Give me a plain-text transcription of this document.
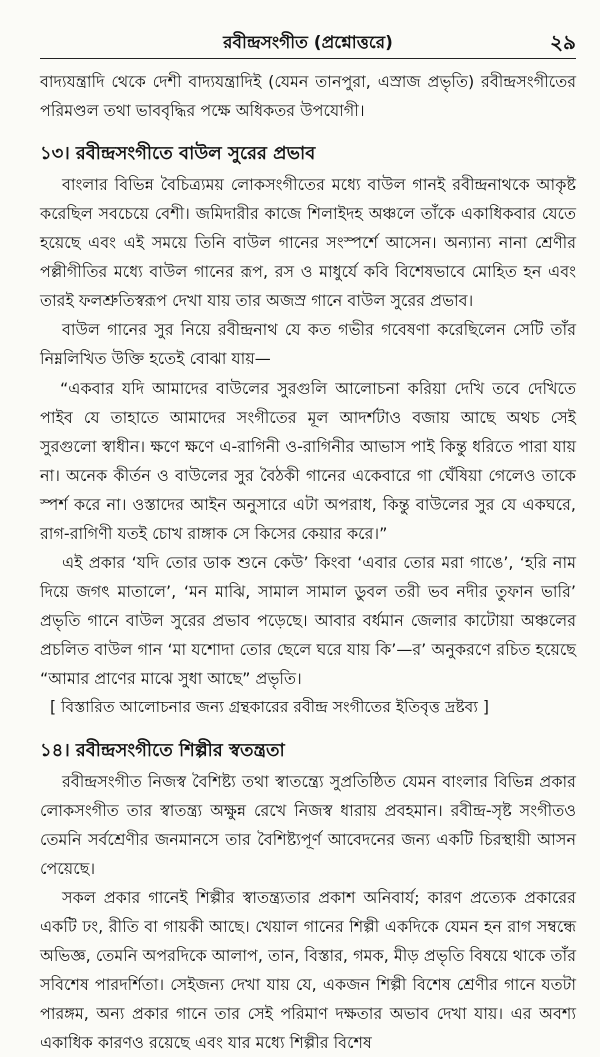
রবীন্দ্রসংগীত (প্রশ্নোত্তরে)	২৯

বাদ্যযন্ত্রাদি থেকে দেশী বাদ্যযন্ত্রাদিই (যেমন তানপুরা, এস্রাজ প্রভৃতি) রবীন্দ্রসংগীতের পরিমণ্ডল তথা ভাববৃদ্ধির পক্ষে অধিকতর উপযোগী।

১৩। রবীন্দ্রসংগীতে বাউল সুরের প্রভাব

বাংলার বিভিন্ন বৈচিত্র্যময় লোকসংগীতের মধ্যে বাউল গানই রবীন্দ্রনাথকে আকৃষ্ট করেছিল সবচেয়ে বেশী। জমিদারীর কাজে শিলাইদহ অঞ্চলে তাঁকে একাধিকবার যেতে হয়েছে এবং এই সময়ে তিনি বাউল গানের সংস্পর্শে আসেন। অন্যান্য নানা শ্রেণীর পল্লীগীতির মধ্যে বাউল গানের রূপ, রস ও মাধুর্যে কবি বিশেষভাবে মোহিত হন এবং তারই ফলশ্রুতিস্বরূপ দেখা যায় তার অজস্র গানে বাউল সুরের প্রভাব।

বাউল গানের সুর নিয়ে রবীন্দ্রনাথ যে কত গভীর গবেষণা করেছিলেন সেটি তাঁর নিম্নলিখিত উক্তি হতেই বোঝা যায়—

“একবার যদি আমাদের বাউলের সুরগুলি আলোচনা করিয়া দেখি তবে দেখিতে পাইব যে তাহাতে আমাদের সংগীতের মূল আদর্শটাও বজায় আছে অথচ সেই সুরগুলো স্বাধীন। ক্ষণে ক্ষণে এ-রাগিনী ও-রাগিনীর আভাস পাই কিন্তু ধরিতে পারা যায় না। অনেক কীর্তন ও বাউলের সুর বৈঠকী গানের একেবারে গা ঘেঁষিয়া গেলেও তাকে স্পর্শ করে না। ওস্তাদের আইন অনুসারে এটা অপরাধ, কিন্তু বাউলের সুর যে একঘরে, রাগ-রাগিণী যতই চোখ রাঙ্গাক সে কিসের কেয়ার করে।”

এই প্রকার ‘যদি তোর ডাক শুনে কেউ’ কিংবা ‘এবার তোর মরা গাঙে’, ‘হরি নাম দিয়ে জগৎ মাতালে’, ‘মন মাঝি, সামাল সামাল ডুবল তরী ভব নদীর তুফান ভারি’ প্রভৃতি গানে বাউল সুরের প্রভাব পড়েছে। আবার বর্ধমান জেলার কাটোয়া অঞ্চলের প্রচলিত বাউল গান ‘মা যশোদা তোর ছেলে ঘরে যায় কি’—র’ অনুকরণে রচিত হয়েছে “আমার প্রাণের মাঝে সুধা আছে” প্রভৃতি।

[ বিস্তারিত আলোচনার জন্য গ্রন্থকারের রবীন্দ্র সংগীতের ইতিবৃত্ত দ্রষ্টব্য ]

১৪। রবীন্দ্রসংগীতে শিল্পীর স্বতন্ত্রতা

রবীন্দ্রসংগীত নিজস্ব বৈশিষ্ট্য তথা স্বাতন্ত্র্যে সুপ্রতিষ্ঠিত যেমন বাংলার বিভিন্ন প্রকার লোকসংগীত তার স্বাতন্ত্র্য অক্ষুন্ন রেখে নিজস্ব ধারায় প্রবহমান। রবীন্দ্র-সৃষ্ট সংগীতও তেমনি সর্বশ্রেণীর জনমানসে তার বৈশিষ্ট্যপূর্ণ আবেদনের জন্য একটি চিরস্থায়ী আসন পেয়েছে।

সকল প্রকার গানেই শিল্পীর স্বাতন্ত্র্যতার প্রকাশ অনিবার্য; কারণ প্রত্যেক প্রকারের একটি ঢং, রীতি বা গায়কী আছে। খেয়াল গানের শিল্পী একদিকে যেমন হন রাগ সম্বন্ধে অভিজ্ঞ, তেমনি অপরদিকে আলাপ, তান, বিস্তার, গমক, মীড় প্রভৃতি বিষয়ে থাকে তাঁর সবিশেষ পারদর্শিতা। সেইজন্য দেখা যায় যে, একজন শিল্পী বিশেষ শ্রেণীর গানে যতটা পারঙ্গম, অন্য প্রকার গানে তার সেই পরিমাণ দক্ষতার অভাব দেখা যায়। এর অবশ্য একাধিক কারণও রয়েছে এবং যার মধ্যে শিল্পীর বিশেষ
